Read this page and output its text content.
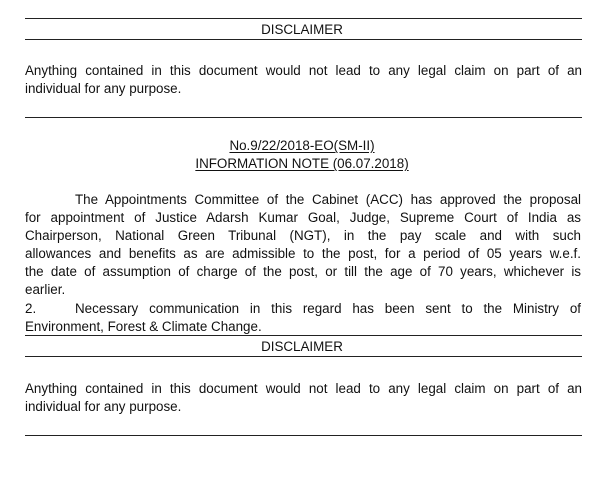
DISCLAIMER
Anything contained in this document would not lead to any legal claim on part of an
individual for any purpose.
No.9/22/2018-EO(SM-II)
INFORMATION NOTE (06.07.2018)
The Appointments Committee of the Cabinet (ACC) has approved the proposal
for appointment of Justice Adarsh Kumar Goal, Judge, Supreme Court of India as
Chairperson, National Green Tribunal (NGT), in the pay scale and with such
allowances and benefits as are admissible to the post, for a period of 05 years w.e.f.
the date of assumption of charge of the post, or till the age of 70 years, whichever is
earlier.
2.	Necessary communication in this regard has been sent to the Ministry of
Environment, Forest & Climate Change.
DISCLAIMER
Anything contained in this document would not lead to any legal claim on part of an
individual for any purpose.
